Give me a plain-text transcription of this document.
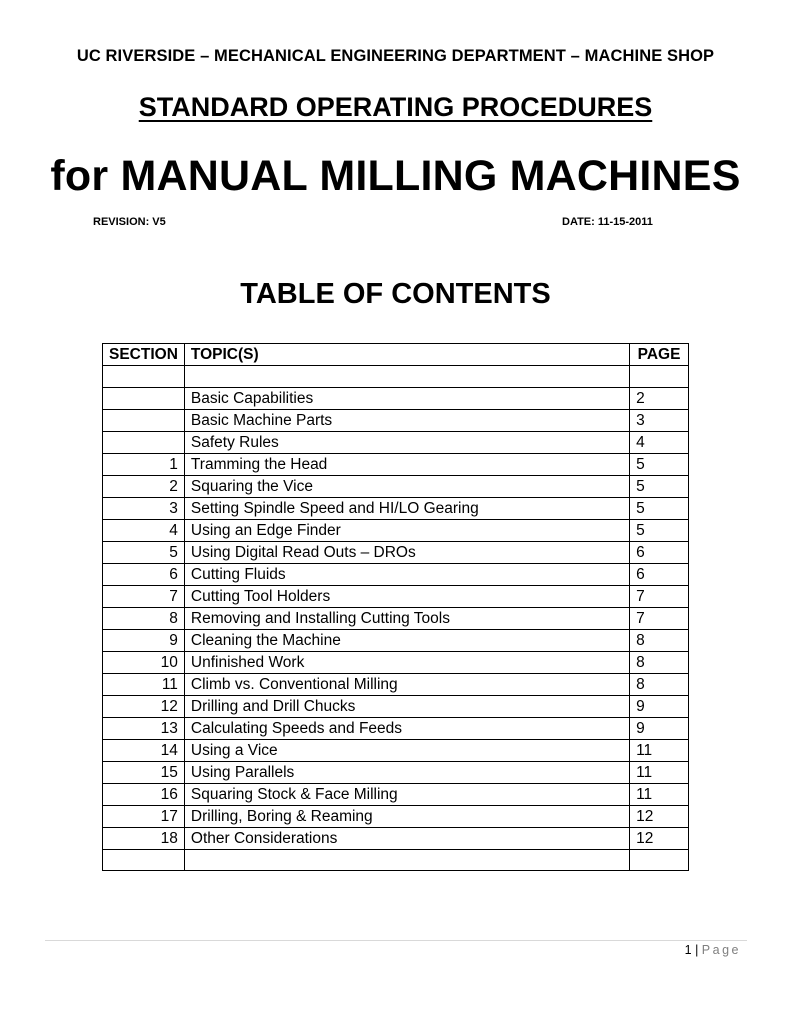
UC RIVERSIDE – MECHANICAL ENGINEERING DEPARTMENT – MACHINE SHOP
STANDARD OPERATING PROCEDURES
for MANUAL MILLING MACHINES
REVISION: V5	DATE: 11-15-2011
TABLE OF CONTENTS
SECTION	TOPIC(S)	PAGE

	Basic Capabilities	2
	Basic Machine Parts	3
	Safety Rules	4
1	Tramming the Head	5
2	Squaring the Vice	5
3	Setting Spindle Speed and HI/LO Gearing	5
4	Using an Edge Finder	5
5	Using Digital Read Outs – DROs	6
6	Cutting Fluids	6
7	Cutting Tool Holders	7
8	Removing and Installing Cutting Tools	7
9	Cleaning the Machine	8
10	Unfinished Work	8
11	Climb vs. Conventional Milling	8
12	Drilling and Drill Chucks	9
13	Calculating Speeds and Feeds	9
14	Using a Vice	11
15	Using Parallels	11
16	Squaring Stock & Face Milling	11
17	Drilling, Boring & Reaming	12
18	Other Considerations	12

1 | Page
